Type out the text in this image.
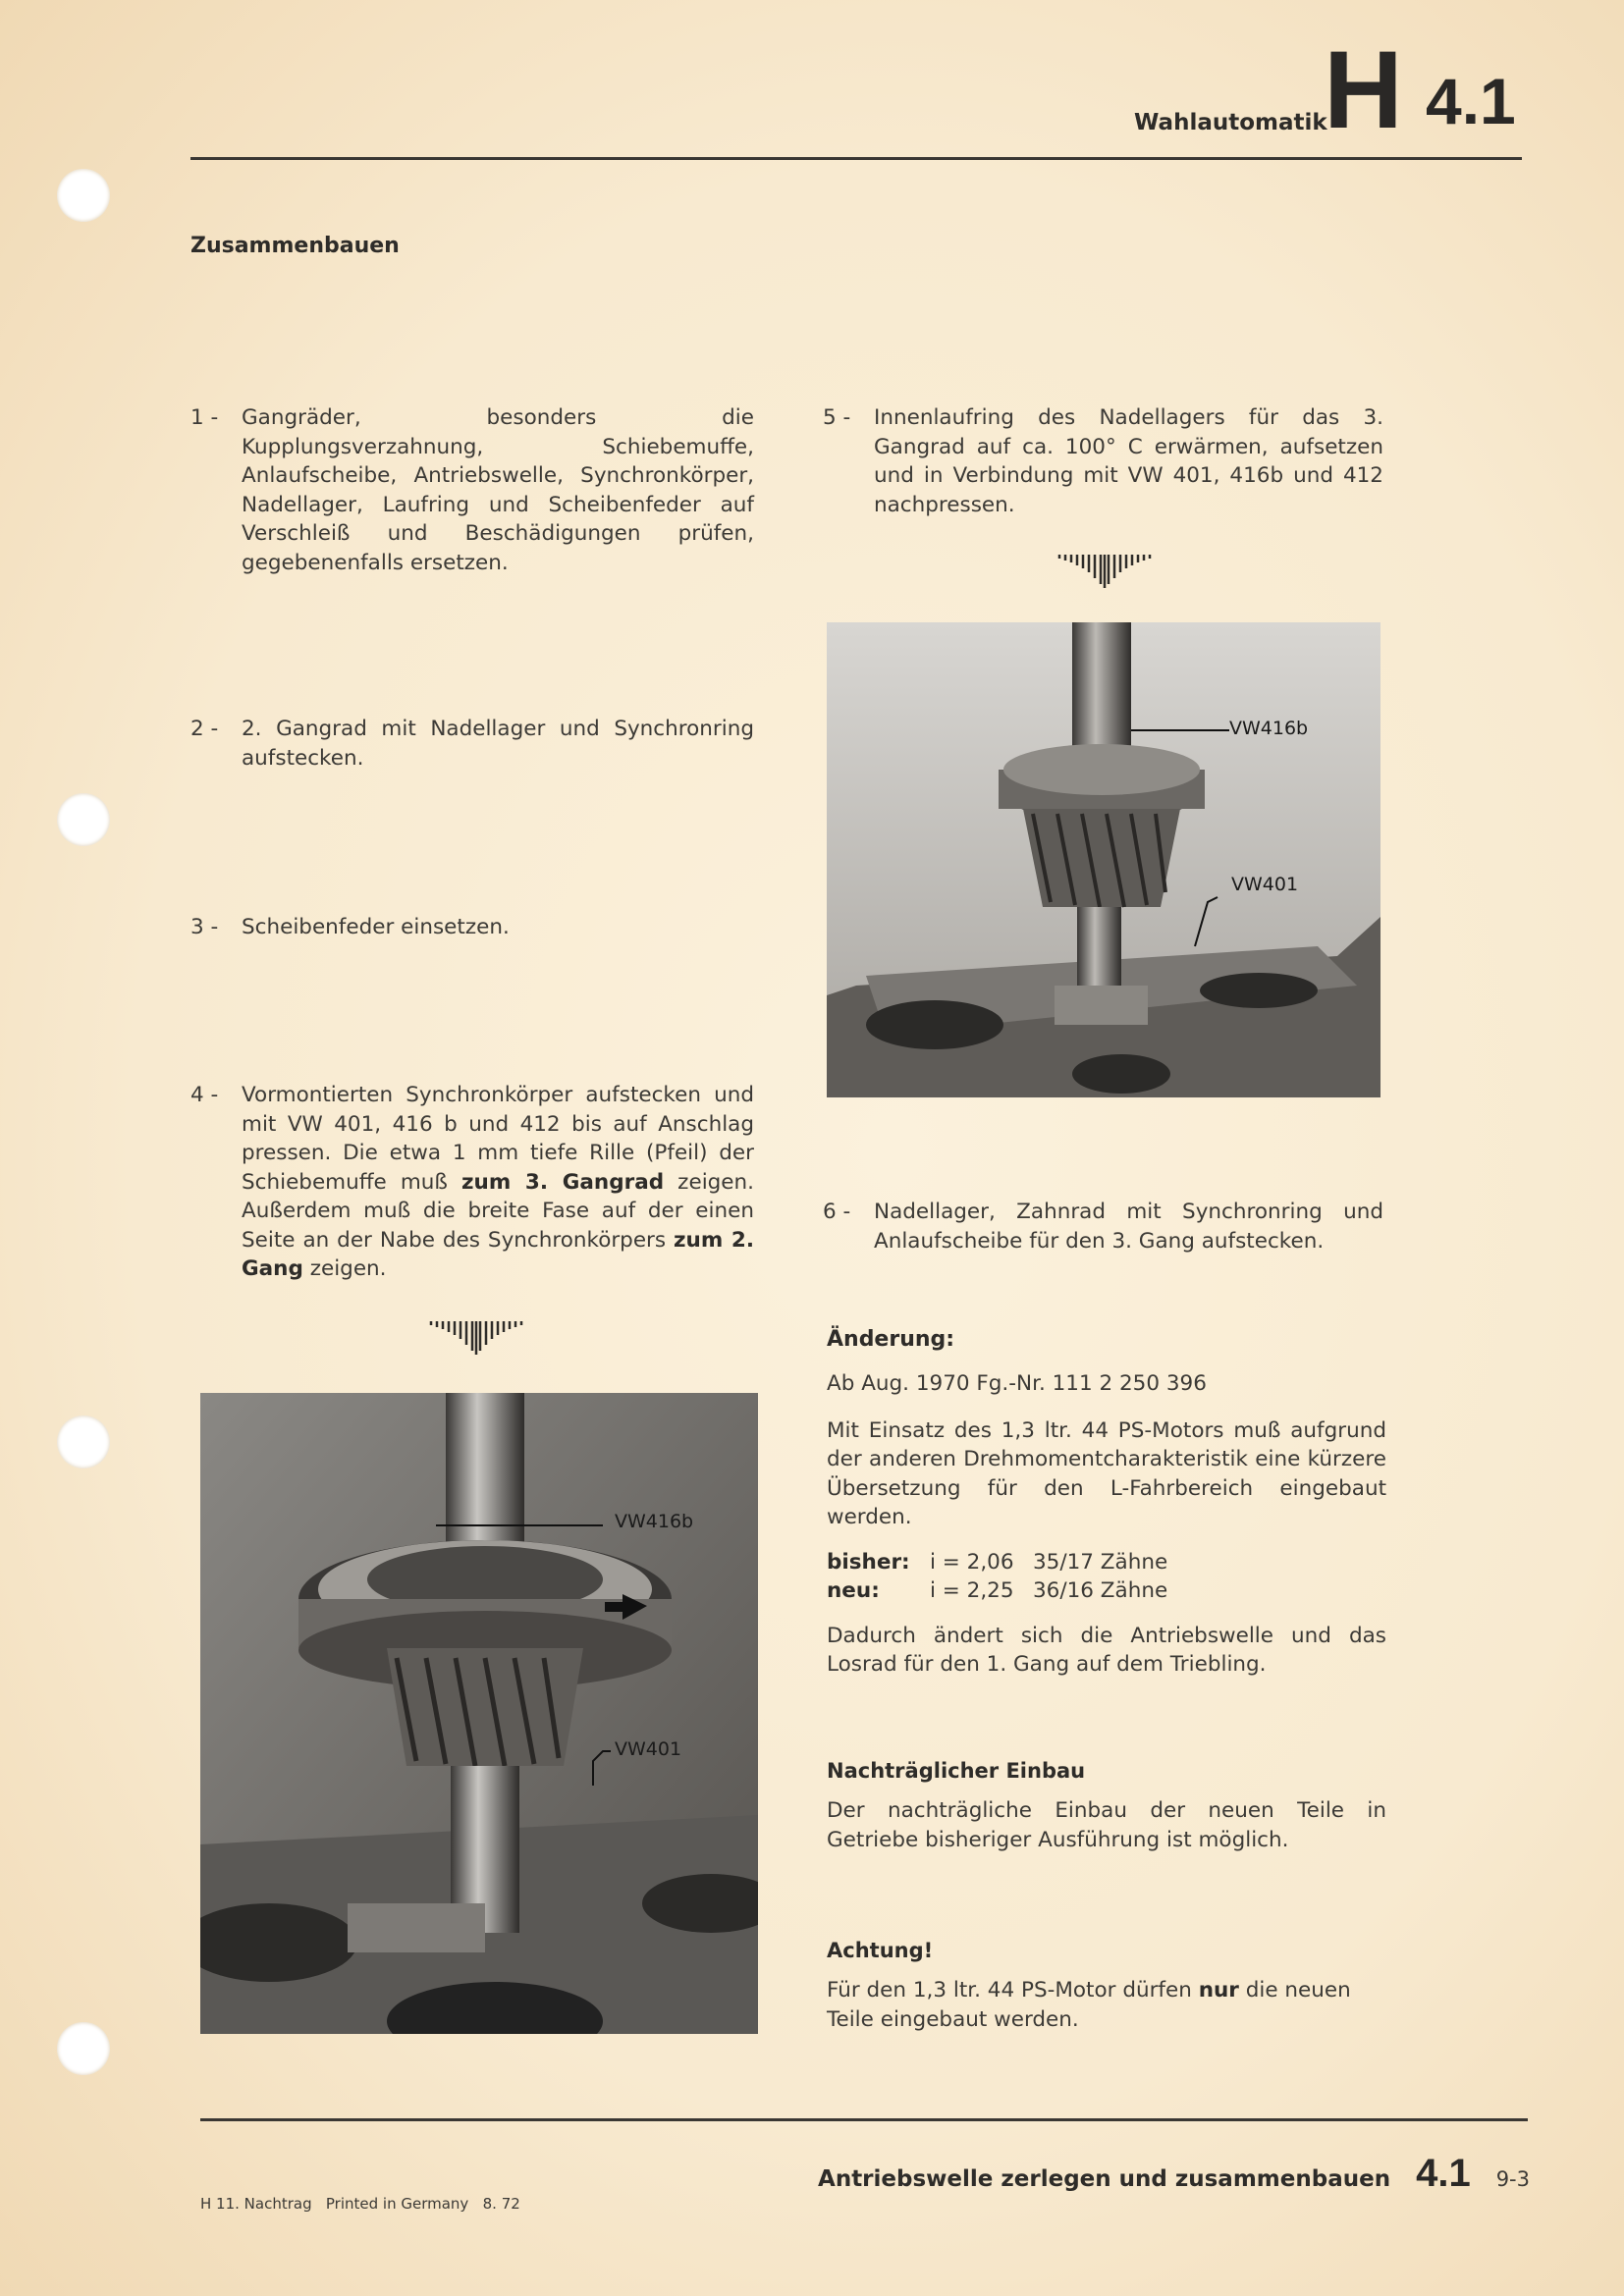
Wahlautomatik
H 4.1
Zusammenbauen
1 - Gangräder, besonders die Kupplungsverzahnung, Schiebemuffe, Anlaufscheibe, Antriebswelle, Synchronkörper, Nadellager, Laufring und Scheibenfeder auf Verschleiß und Beschädigungen prüfen, gegebenenfalls ersetzen.
2 - 2. Gangrad mit Nadellager und Synchronring aufstecken.
3 - Scheibenfeder einsetzen.
4 - Vormontierten Synchronkörper aufstecken und mit VW 401, 416 b und 412 bis auf Anschlag pressen. Die etwa 1 mm tiefe Rille (Pfeil) der Schiebemuffe muß zum 3. Gangrad zeigen. Außerdem muß die breite Fase auf der einen Seite an der Nabe des Synchronkörpers zum 2. Gang zeigen.
VW416b
VW401
5 - Innenlaufring des Nadellagers für das 3. Gangrad auf ca. 100° C erwärmen, aufsetzen und in Verbindung mit VW 401, 416b und 412 nachpressen.
VW416b
VW401
6 - Nadellager, Zahnrad mit Synchronring und Anlaufscheibe für den 3. Gang aufstecken.
Änderung:
Ab Aug. 1970 Fg.-Nr. 111 2 250 396
Mit Einsatz des 1,3 ltr. 44 PS-Motors muß aufgrund der anderen Drehmomentcharakteristik eine kürzere Übersetzung für den L-Fahrbereich eingebaut werden.
bisher: i = 2,06 35/17 Zähne
neu:	i = 2,25 36/16 Zähne
Dadurch ändert sich die Antriebswelle und das Losrad für den 1. Gang auf dem Triebling.
Nachträglicher Einbau
Der nachträgliche Einbau der neuen Teile in Getriebe bisheriger Ausführung ist möglich.
Achtung!
Für den 1,3 ltr. 44 PS-Motor dürfen nur die neuen Teile eingebaut werden.
Antriebswelle zerlegen und zusammenbauen 4.1 9-3
H 11. Nachtrag   Printed in Germany   8. 72
